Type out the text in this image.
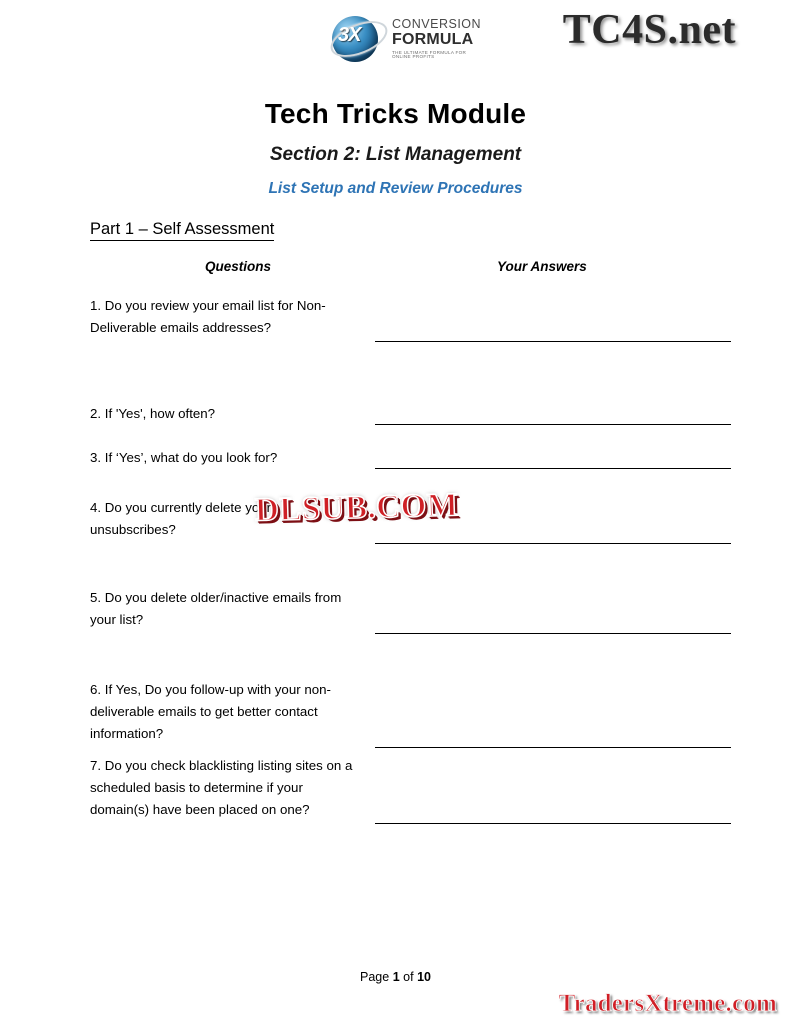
3X	CONVERSION
FORMULA
THE ULTIMATE FORMULA FOR ONLINE PROFITS
TC4S.net
Tech Tricks Module
Section 2: List Management
List Setup and Review Procedures
Part 1 – Self Assessment
Questions	Your Answers
1. Do you review your email list for Non-Deliverable emails addresses?
2. If 'Yes', how often?
3. If ‘Yes’, what do you look for?
4. Do you currently delete your unsubscribes?
5. Do you delete older/inactive emails from your list?
6. If Yes, Do you follow-up with your non-deliverable emails to get better contact information?
7. Do you check blacklisting listing sites on a scheduled basis to determine if your domain(s) have been placed on one?
DLSUB.COM
Page 1 of 10
TradersXtreme.com
